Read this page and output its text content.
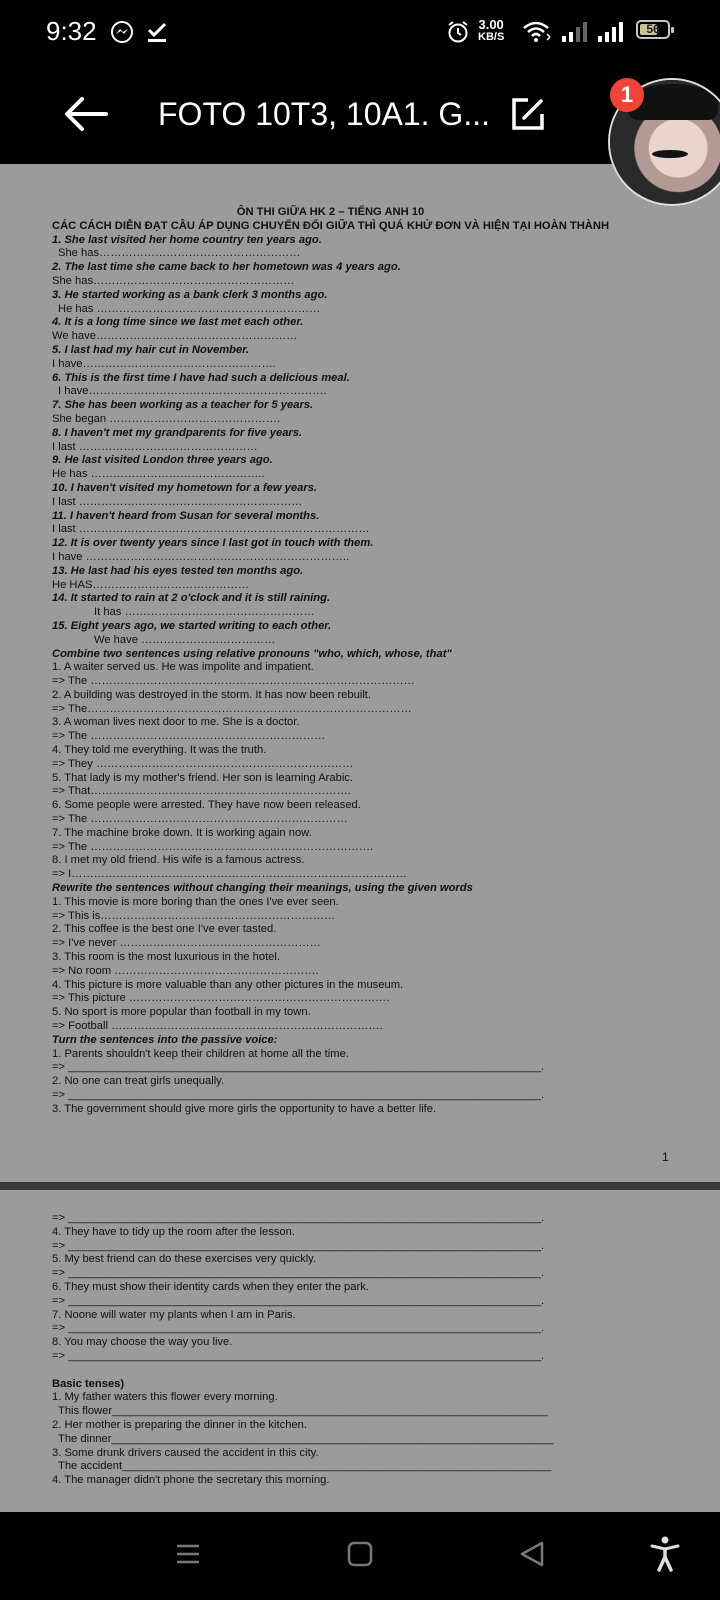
9:32	3.00
KB/S
56
FOTO 10T3, 10A1. G...
ÔN THI GIỮA HK 2 – TIẾNG ANH 10
CÁC CÁCH DIỄN ĐẠT CÂU ÁP DỤNG CHUYỂN ĐỔI GIỮA THÌ QUÁ KHỨ ĐƠN VÀ HIỆN TẠI HOÀN THÀNH
1. She last visited her home country ten years ago.
She has………………………………………………
2. The last time she came back to her hometown was 4 years ago.
She has………………………………………………
3. He started working as a bank clerk 3 months ago.
He has ……………………………………………………
4. It is a long time since we last met each other.
We have………………………………………………
5. I last had my hair cut in November.
I have…………………………………………….
6. This is the first time I have had such a delicious meal.
I have……………………………………………………….
7. She has been working as a teacher for 5 years.
She began ……………………………………….
8. I haven't met my grandparents for five years.
I last …………………………………………
9. He last visited London three years ago.
He has ………………………………………..
10. I haven't visited my hometown for a few years.
I last ……………………………………………………
11. I haven't heard from Susan for several months.
I last ……………………………………………………………………
12. It is over twenty years since I last got in touch with them.
I have ……………………………………………………………..
13. He last had his eyes tested ten months ago.
He HAS……………………………………
14. It started to rain at 2 o'clock and it is still raining.
It has ……………………………………………
15. Eight years ago, we started writing to each other.
We have ………………………………
Combine two sentences using relative pronouns "who, which, whose, that"
1. A waiter served us. He was impolite and impatient.
=> The ……………………………………………………………………………
2. A building was destroyed in the storm. It has now been rebuilt.
=> The……………………………………………………………………………
3. A woman lives next door to me. She is a doctor.
=> The ………………………………………………………
4. They told me everything. It was the truth.
=> They ……………………………………………………………
5. That lady is my mother's friend. Her son is learning Arabic.
=> That…………………………………………………………….
6. Some people were arrested. They have now been released.
=> The ……………………………………………………………
7. The machine broke down. It is working again now.
=> The ………………………………………………………………….
8. I met my old friend. His wife is a famous actress.
=> I………………………………………………………………………………
Rewrite the sentences without changing their meanings, using the given words
1. This movie is more boring than the ones I've ever seen.
=> This is………………………………………………………
2. This coffee is the best one I've ever tasted.
=> I've never ………………………………………………
3. This room is the most luxurious in the hotel.
=> No room ……………………………………………….
4. This picture is more valuable than any other pictures in the museum.
=> This picture …………………………………………………………….
5. No sport is more popular than football in my town.
=> Football ……………………………………………………………….
Turn the sentences into the passive voice:
1. Parents shouldn't keep their children at home all the time.
=> ____________________________________________________________________________.
2. No one can treat girls unequally.
=> ____________________________________________________________________________.
3. The government should give more girls the opportunity to have a better life.
1
=> ____________________________________________________________________________.
4. They have to tidy up the room after the lesson.
=> ____________________________________________________________________________.
5. My best friend can do these exercises very quickly.
=> ____________________________________________________________________________.
6. They must show their identity cards when they enter the park.
=> ____________________________________________________________________________.
7. Noone will water my plants when I am in Paris.
=> ____________________________________________________________________________.
8. You may choose the way you live.
=> ____________________________________________________________________________.
Basic tenses)
1. My father waters this flower every morning.
This flower______________________________________________________________________
2. Her mother is preparing the dinner in the kitchen.
The dinner_______________________________________________________________________
3. Some drunk drivers caused the accident in this city.
The accident_____________________________________________________________________
4. The manager didn't phone the secretary this morning.
1
